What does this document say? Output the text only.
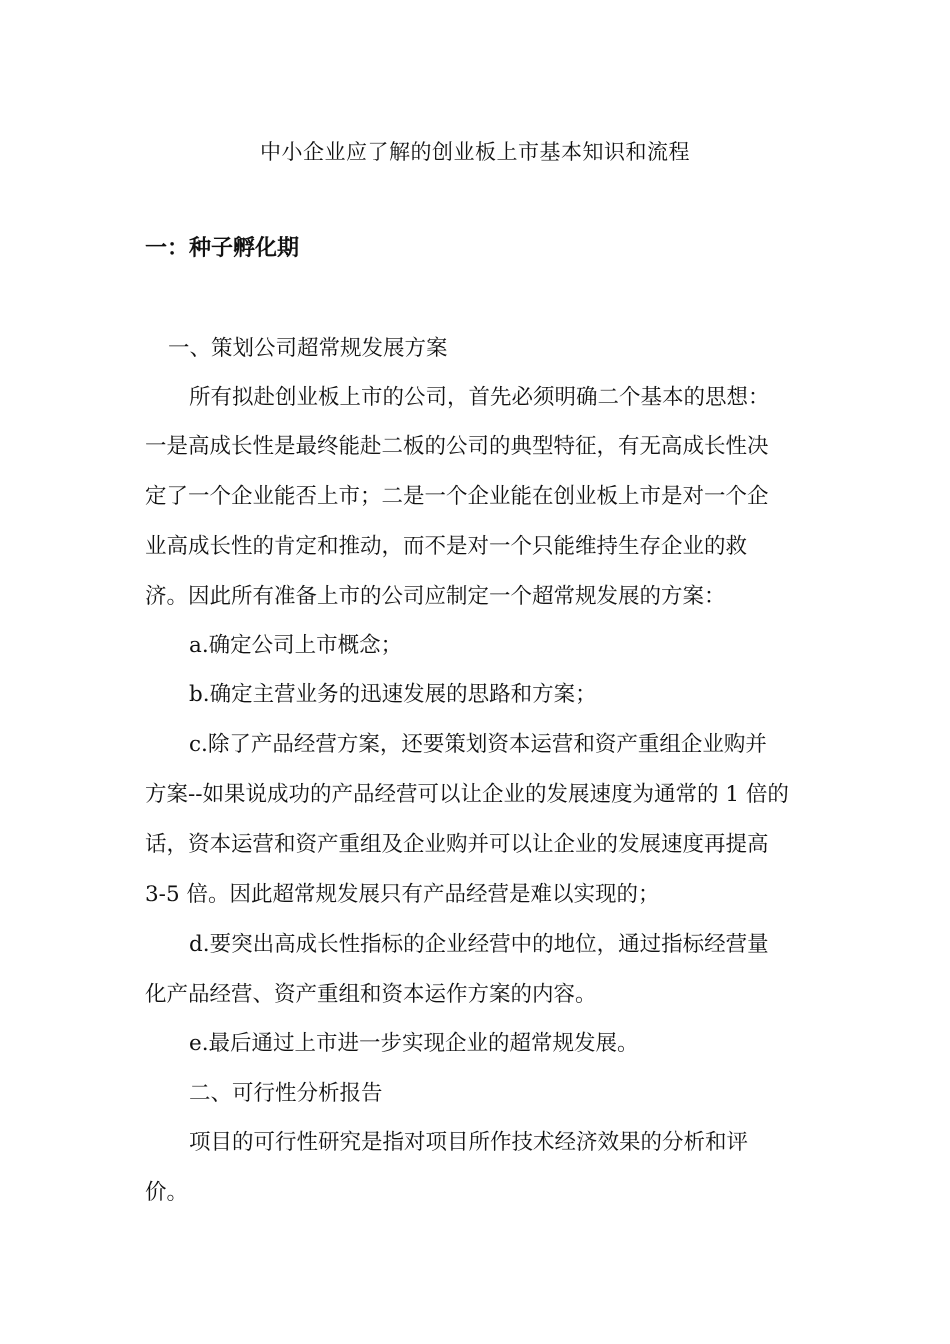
中小企业应了解的创业板上市基本知识和流程
一：种子孵化期
一、策划公司超常规发展方案
所有拟赴创业板上市的公司，首先必须明确二个基本的思想：
一是高成长性是最终能赴二板的公司的典型特征，有无高成长性决
定了一个企业能否上市；二是一个企业能在创业板上市是对一个企
业高成长性的肯定和推动，而不是对一个只能维持生存企业的救
济。因此所有准备上市的公司应制定一个超常规发展的方案：
a.确定公司上市概念；
b.确定主营业务的迅速发展的思路和方案；
c.除了产品经营方案，还要策划资本运营和资产重组企业购并
方案--如果说成功的产品经营可以让企业的发展速度为通常的 1 倍的
话，资本运营和资产重组及企业购并可以让企业的发展速度再提高
3-5 倍。因此超常规发展只有产品经营是难以实现的；
d.要突出高成长性指标的企业经营中的地位，通过指标经营量
化产品经营、资产重组和资本运作方案的内容。
e.最后通过上市进一步实现企业的超常规发展。
二、可行性分析报告
项目的可行性研究是指对项目所作技术经济效果的分析和评
价。
